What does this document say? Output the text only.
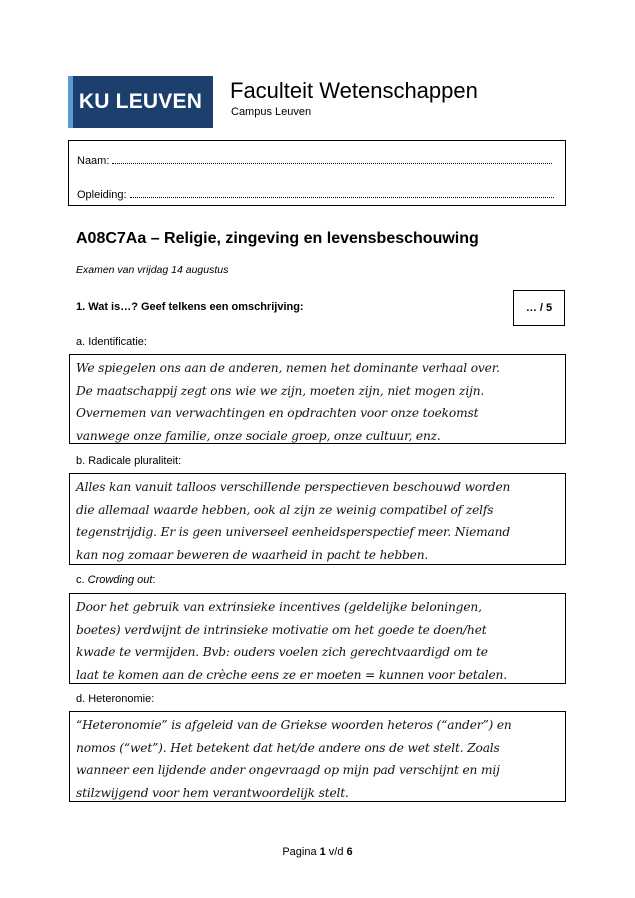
KU LEUVEN Faculteit Wetenschappen
Campus Leuven
Naam:
Opleiding:
A08C7Aa – Religie, zingeving en levensbeschouwing
Examen van vrijdag 14 augustus
1. Wat is…? Geef telkens een omschrijving:	… / 5
a. Identificatie:
We spiegelen ons aan de anderen, nemen het dominante verhaal over.
De maatschappij zegt ons wie we zijn, moeten zijn, niet mogen zijn.
Overnemen van verwachtingen en opdrachten voor onze toekomst
vanwege onze familie, onze sociale groep, onze cultuur, enz.
b. Radicale pluraliteit:
Alles kan vanuit talloos verschillende perspectieven beschouwd worden
die allemaal waarde hebben, ook al zijn ze weinig compatibel of zelfs
tegenstrijdig. Er is geen universeel eenheidsperspectief meer. Niemand
kan nog zomaar beweren de waarheid in pacht te hebben.
c. Crowding out:
Door het gebruik van extrinsieke incentives (geldelijke beloningen,
boetes) verdwijnt de intrinsieke motivatie om het goede te doen/het
kwade te vermijden. Bvb: ouders voelen zich gerechtvaardigd om te
laat te komen aan de crèche eens ze er moeten = kunnen voor betalen.
d. Heteronomie:
“Heteronomie” is afgeleid van de Griekse woorden heteros (“ander”) en
nomos (“wet”). Het betekent dat het/de andere ons de wet stelt. Zoals
wanneer een lijdende ander ongevraagd op mijn pad verschijnt en mij
stilzwijgend voor hem verantwoordelijk stelt.
Pagina 1 v/d 6
